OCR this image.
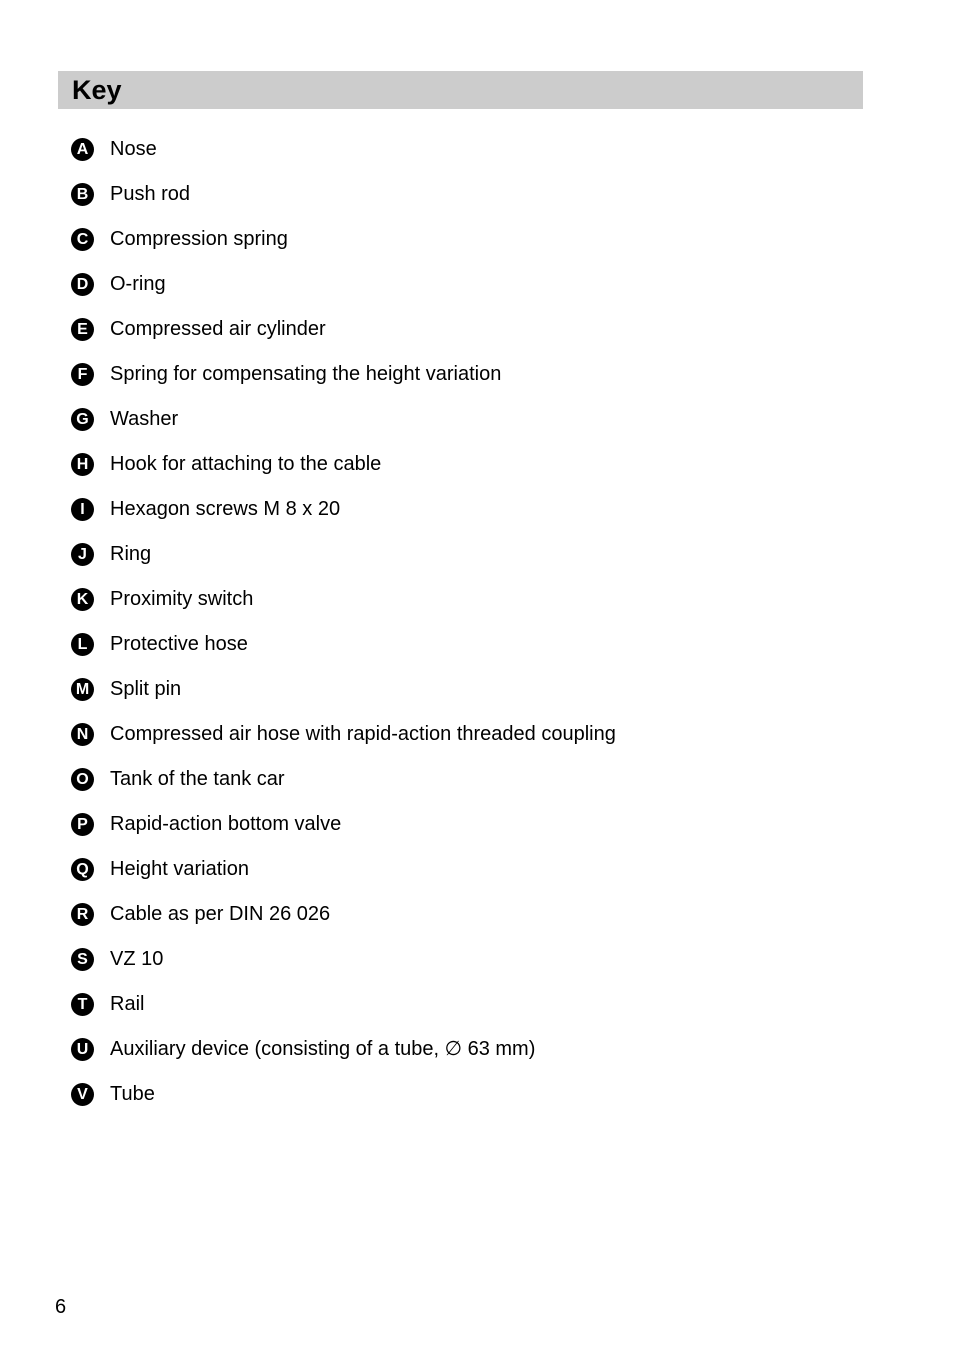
Key
A Nose
B Push rod
C Compression spring
D O-ring
E	Compressed air cylinder
F	Spring for compensating the height variation
G Washer
H Hook for attaching to the cable
I	Hexagon screws M 8 x 20
J	Ring
K Proximity switch
L	Protective hose
M Split pin
N Compressed air hose with rapid-action threaded coupling
O Tank of the tank car
P	Rapid-action bottom valve
Q Height variation
R Cable as per DIN 26 026
S	VZ 10
T	Rail
U Auxiliary device (consisting of a tube, ∅ 63 mm)
V	Tube
6
